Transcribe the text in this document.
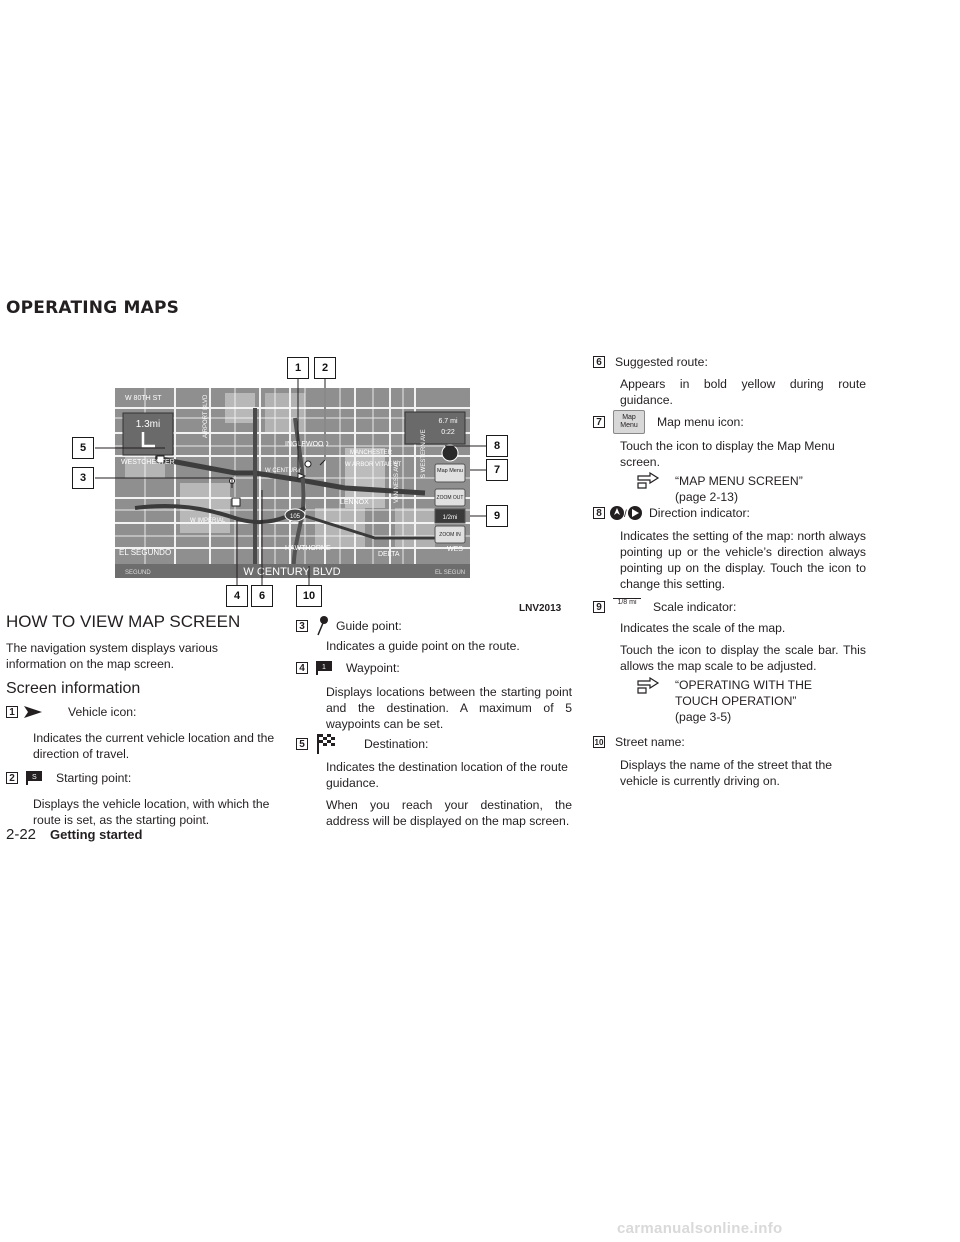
OPERATING MAPS
1.3mi	6.7 mi
0:22
Map Menu
ZOOM OUT
1/2mi
ZOOM IN
105
W 80TH ST
WESTCHESTER
INGLEWOOD
MANCHESTER
W ARBOR VITAE ST
W CENTURY
LENNOX
W IMPERIAL
EL SEGUNDO	HAWTHORNE
DELTA
WES
AIRPORT BLVD
VAN NESS AVE
S WESTERN AVE
SEGUND	W CENTURY BLVD	EL SEGUN
1	2
3
4
5
6
7
8
9
10
LNV2013
HOW TO VIEW MAP SCREEN
The navigation system displays various information on the map screen.
Screen information
1	Vehicle icon:
Indicates the current vehicle location and the direction of travel.
2	S Starting point:
Displays the vehicle location, with which the route is set, as the starting point.
3	Guide point:
Indicates a guide point on the route.
4	1 Waypoint:
Displays locations between the starting point and the destination. A maximum of 5 waypoints can be set.
5	Destination:
Indicates the destination location of the route guidance.
When you reach your destination, the address will be displayed on the map screen.
6 Suggested route:
Appears in bold yellow during route guidance.
7	Map Menu	Map menu icon:
Touch the icon to display the Map Menu screen.
“MAP MENU SCREEN”
(page 2-13)
8	/ Direction indicator:
Indicates the setting of the map: north always pointing up or the vehicle’s direction always pointing up on the display. Touch the icon to change this setting.
9	1/8 mi	Scale indicator:
Indicates the scale of the map.
Touch the icon to display the scale bar. This allows the map scale to be adjusted.
“OPERATING WITH THE
TOUCH OPERATION”
(page 3-5)
10 Street name:
Displays the name of the street that the vehicle is currently driving on.
2-22 Getting started
carmanualsonline.info
